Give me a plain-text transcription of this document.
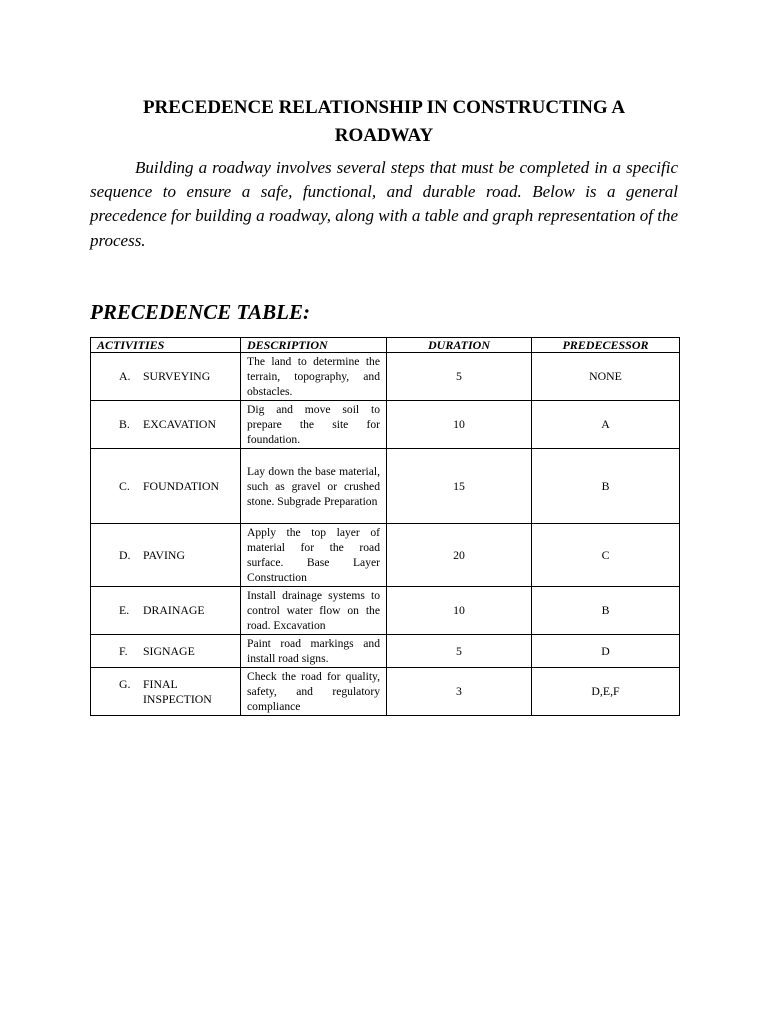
PRECEDENCE RELATIONSHIP IN CONSTRUCTING A ROADWAY

Building a roadway involves several steps that must be completed in a specific sequence to ensure a safe, functional, and durable road. Below is a general precedence for building a roadway, along with a table and graph representation of the process.

PRECEDENCE TABLE:
ACTIVITIES	DESCRIPTION	DURATION	PREDECESSOR

A. SURVEYING	The land to determine the terrain, topography, and obstacles.	5	NONE

B. EXCAVATION	Dig and move soil to prepare the site for foundation.	10	A

C. FOUNDATION	Lay down the base material, such as gravel or crushed stone. Subgrade Preparation	15	B

D. PAVING	Apply the top layer of material for the road surface. Base Layer Construction	20	C

E. DRAINAGE	Install drainage systems to control water flow on the road. Excavation	10	B

F. SIGNAGE	Paint road markings and install road signs.	5	D

G. FINAL INSPECTION	Check the road for quality, safety, and regulatory compliance	3	D,E,F
